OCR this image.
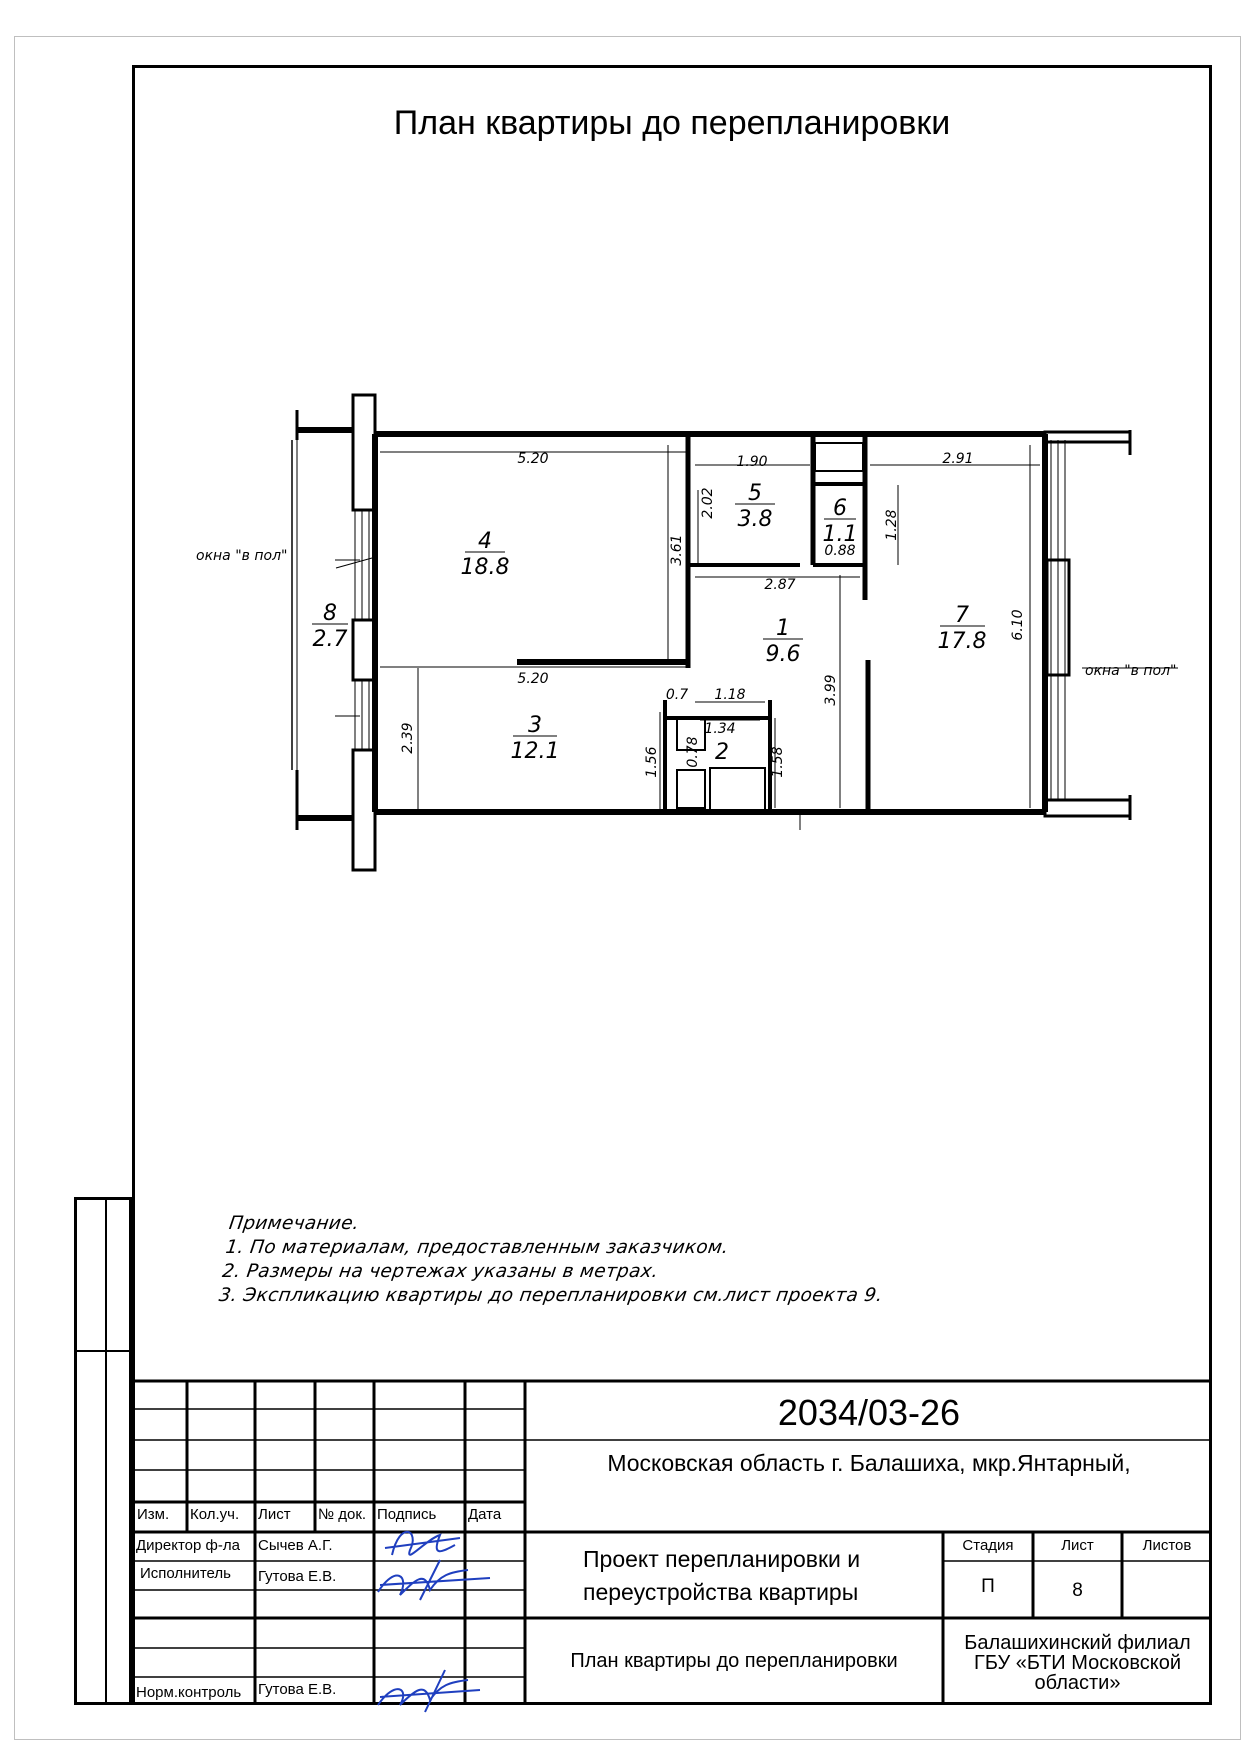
План квартиры до перепланировки
4
18.8
5
3.8	6
1.1
7
17.8
1
9.6
8
2.7
3
12.1	2
5.20	1.90	2.91
2.02
1.28
0.88
3.61
2.87
6.10
5.20
0.7 1.18
1.34
0.78
1.56	1.58
3.99
2.39
окна "в пол"
окна "в пол"
Примечание.
1. По материалам, предоставленным заказчиком.
2. Размеры на чертежах указаны в метрах.
3. Экспликацию квартиры до перепланировки см.лист проекта 9.
Изм. Кол.уч. Лист № док. Подпись Дата
Директор ф-ла Сычев А.Г.
Исполнитель Гутова Е.В.
Норм.контроль Гутова Е.В.
2034/03-26
Московская область г. Балашиха, мкр.Янтарный,
Проект перепланировки и
переустройства квартиры
Стадия	Лист	Листов
П	8
План квартиры до перепланировки
Балашихинский филиал
ГБУ «БТИ Московской
области»
